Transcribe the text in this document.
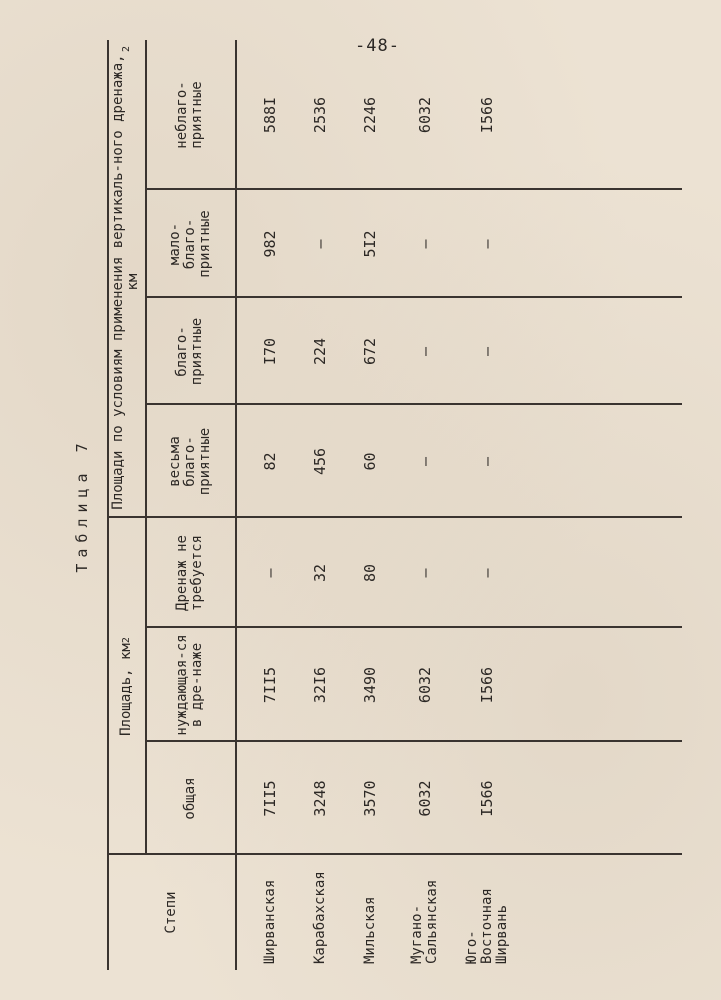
-48-
Таблица 7
Степи
Площадь, км
2
общая
нуждающая-ся в дре-наже
Дренаж не требуется
Площади по условиям применения вертикаль-ного дренажа, км
2
весьма благо-приятные
благо-приятные
мало-благо-приятные
неблаго-приятные
Ширванская
7II5
7II5
–
82
I70
982
588I
Карабахская
3248
32I6
32
456
224
–
2536
Мильская
3570
3490
80
60
672
5I2
2246
Мугано-Сальянская
6032
6032
–
–
–
–
6032
Юго-Восточная Ширвань
I566
I566
–
–
–
–
I566
